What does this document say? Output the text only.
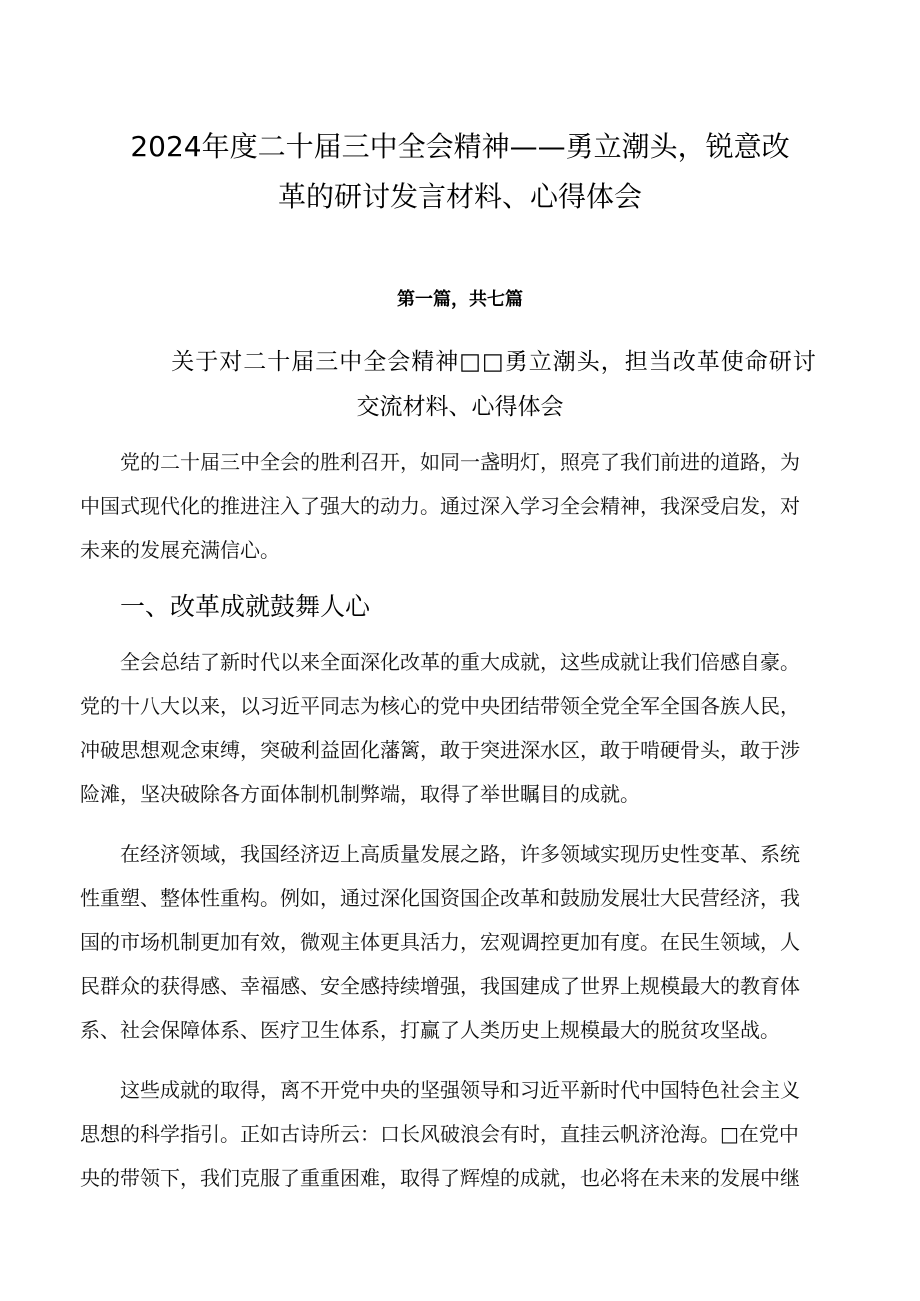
2024年度二十届三中全会精神——勇立潮头，锐意改
革的研讨发言材料、心得体会
第一篇，共七篇
关于对二十届三中全会精神□□勇立潮头，担当改革使命研讨
交流材料、心得体会
党的二十届三中全会的胜利召开，如同一盏明灯，照亮了我们前进的道路，为
中国式现代化的推进注入了强大的动力。通过深入学习全会精神，我深受启发，对
未来的发展充满信心。
一、改革成就鼓舞人心
全会总结了新时代以来全面深化改革的重大成就，这些成就让我们倍感自豪。
党的十八大以来，以习近平同志为核心的党中央团结带领全党全军全国各族人民，
冲破思想观念束缚，突破利益固化藩篱，敢于突进深水区，敢于啃硬骨头，敢于涉
险滩，坚决破除各方面体制机制弊端，取得了举世瞩目的成就。
在经济领域，我国经济迈上高质量发展之路，许多领域实现历史性变革、系统
性重塑、整体性重构。例如，通过深化国资国企改革和鼓励发展壮大民营经济，我
国的市场机制更加有效，微观主体更具活力，宏观调控更加有度。在民生领域，人
民群众的获得感、幸福感、安全感持续增强，我国建成了世界上规模最大的教育体
系、社会保障体系、医疗卫生体系，打赢了人类历史上规模最大的脱贫攻坚战。
这些成就的取得，离不开党中央的坚强领导和习近平新时代中国特色社会主义
思想的科学指引。正如古诗所云：口长风破浪会有时，直挂云帆济沧海。□在党中
央的带领下，我们克服了重重困难，取得了辉煌的成就，也必将在未来的发展中继
